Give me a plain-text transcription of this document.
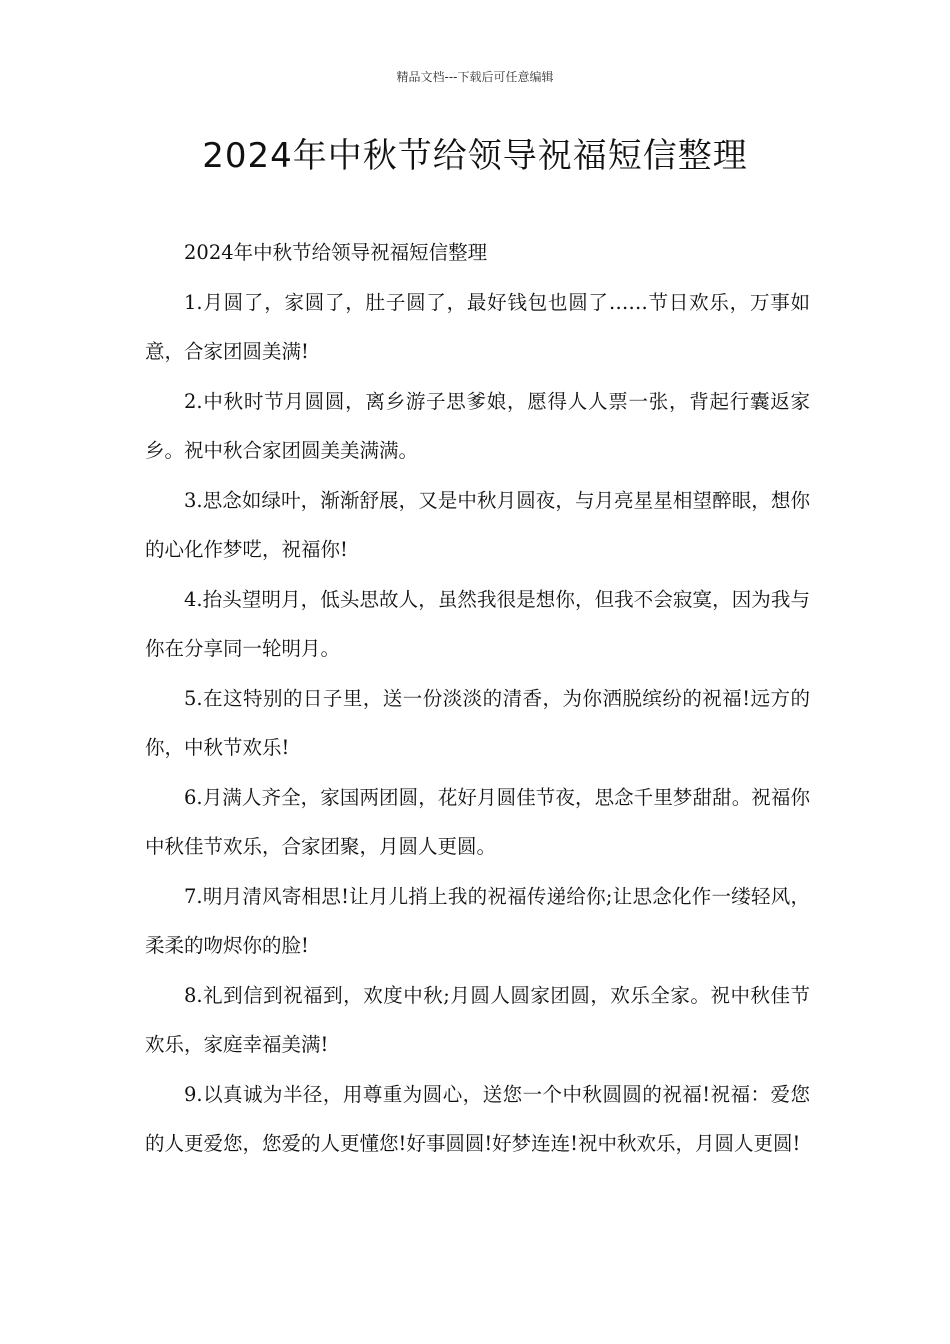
精品文档---下载后可任意编辑
2024年中秋节给领导祝福短信整理

2024年中秋节给领导祝福短信整理

1.月圆了，家圆了，肚子圆了，最好钱包也圆了……节日欢乐，万事如意，合家团圆美满!

2.中秋时节月圆圆，离乡游子思爹娘，愿得人人票一张，背起行囊返家乡。祝中秋合家团圆美美满满。

3.思念如绿叶，渐渐舒展，又是中秋月圆夜，与月亮星星相望醉眼，想你的心化作梦呓，祝福你!

4.抬头望明月，低头思故人，虽然我很是想你，但我不会寂寞，因为我与你在分享同一轮明月。

5.在这特别的日子里，送一份淡淡的清香，为你洒脱缤纷的祝福!远方的你，中秋节欢乐!

6.月满人齐全，家国两团圆，花好月圆佳节夜，思念千里梦甜甜。祝福你中秋佳节欢乐，合家团聚，月圆人更圆。

7.明月清风寄相思!让月儿捎上我的祝福传递给你;让思念化作一缕轻风，柔柔的吻烬你的脸!

8.礼到信到祝福到，欢度中秋;月圆人圆家团圆，欢乐全家。祝中秋佳节欢乐，家庭幸福美满!

9.以真诚为半径，用尊重为圆心，送您一个中秋圆圆的祝福!祝福：爱您的人更爱您，您爱的人更懂您!好事圆圆!好梦连连!祝中秋欢乐，月圆人更圆!
